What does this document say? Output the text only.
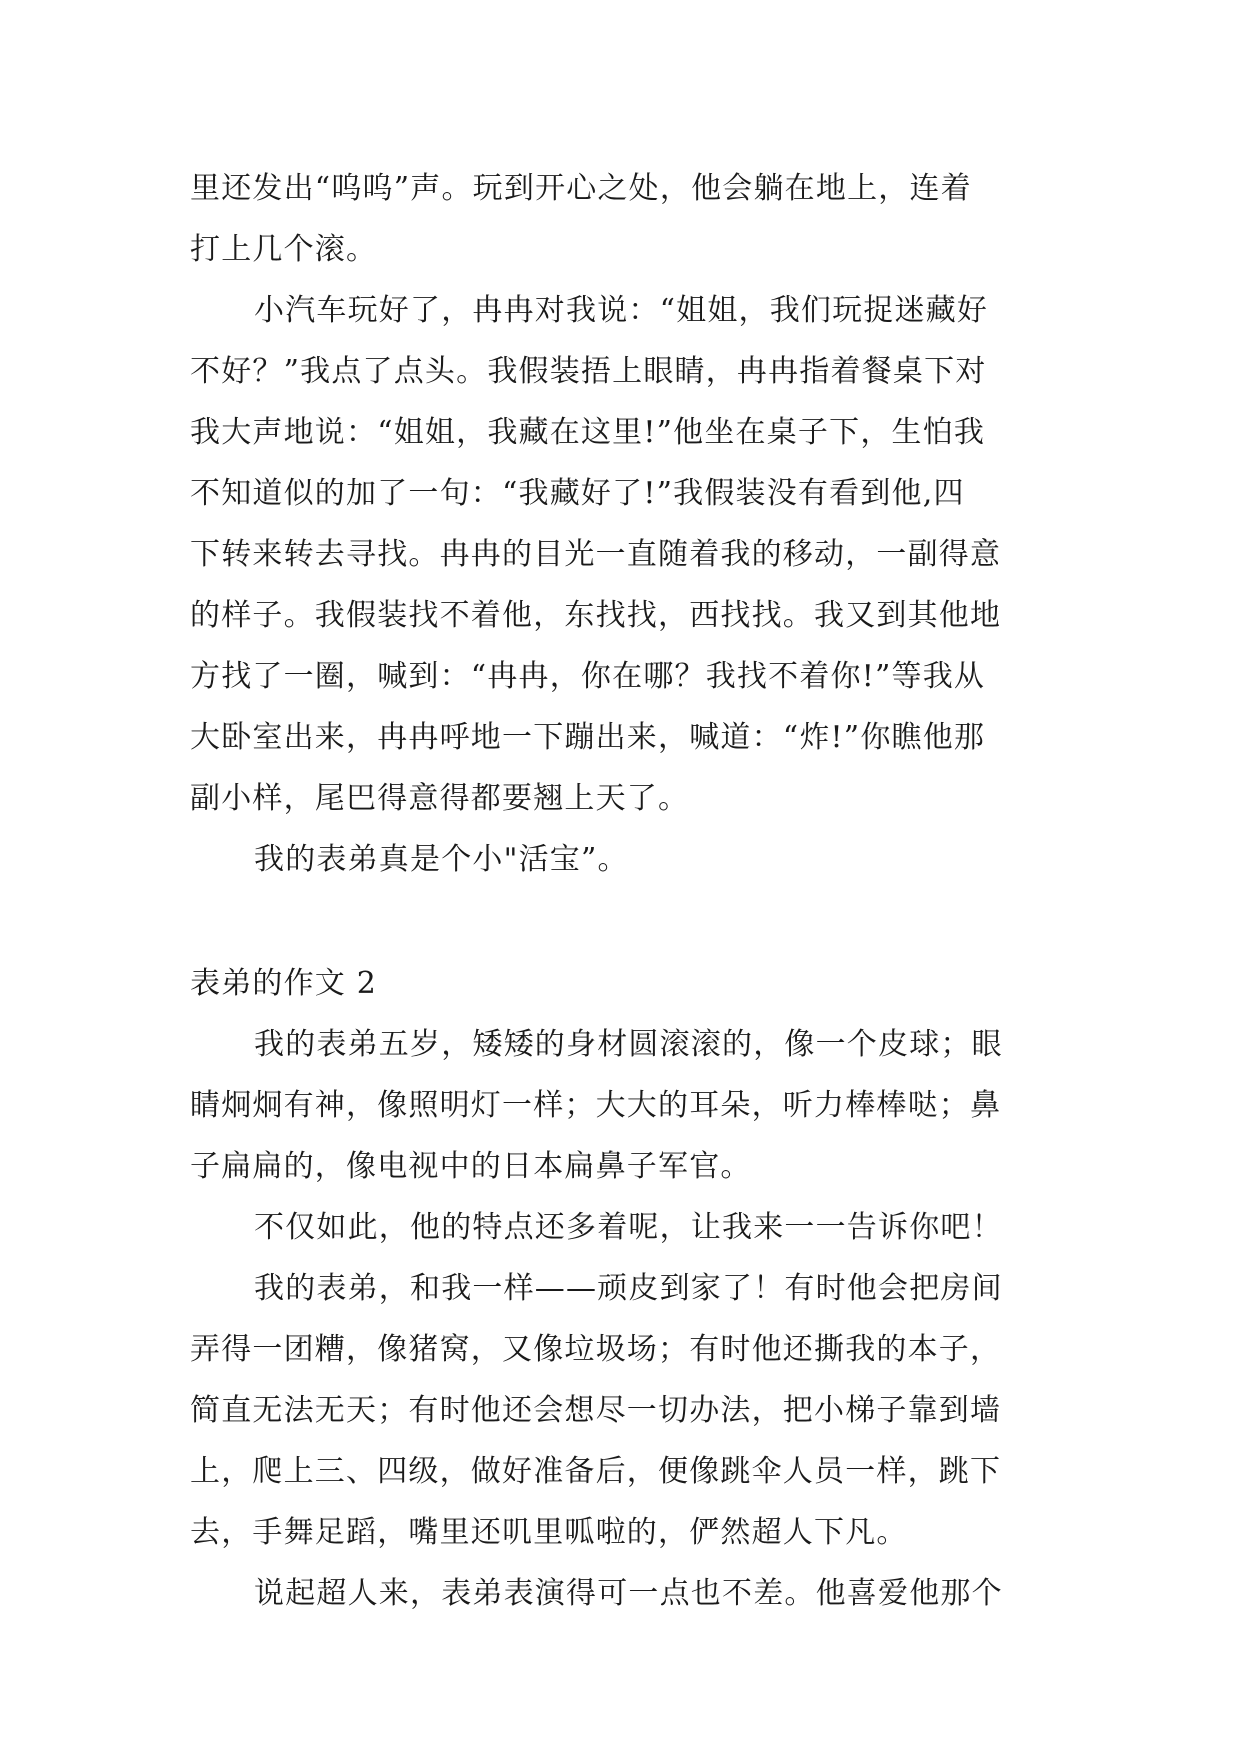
里还发出“呜呜”声。玩到开心之处，他会躺在地上，连着
打上几个滚。
小汽车玩好了，冉冉对我说：“姐姐，我们玩捉迷藏好
不好？”我点了点头。我假装捂上眼睛，冉冉指着餐桌下对
我大声地说：“姐姐，我藏在这里!”他坐在桌子下，生怕我
不知道似的加了一句：“我藏好了!”我假装没有看到他,四
下转来转去寻找。冉冉的目光一直随着我的移动，一副得意
的样子。我假装找不着他，东找找，西找找。我又到其他地
方找了一圈，喊到：“冉冉，你在哪？我找不着你!”等我从
大卧室出来，冉冉呼地一下蹦出来，喊道：“炸!”你瞧他那
副小样，尾巴得意得都要翘上天了。
我的表弟真是个小"活宝”。
表弟的作文 2
我的表弟五岁，矮矮的身材圆滚滚的，像一个皮球；眼
睛炯炯有神，像照明灯一样；大大的耳朵，听力棒棒哒；鼻
子扁扁的，像电视中的日本扁鼻子军官。
不仅如此，他的特点还多着呢，让我来一一告诉你吧！
我的表弟，和我一样——顽皮到家了！有时他会把房间
弄得一团糟，像猪窝，又像垃圾场；有时他还撕我的本子，
简直无法无天；有时他还会想尽一切办法，把小梯子靠到墙
上，爬上三、四级，做好准备后，便像跳伞人员一样，跳下
去，手舞足蹈，嘴里还叽里呱啦的，俨然超人下凡。
说起超人来，表弟表演得可一点也不差。他喜爱他那个
